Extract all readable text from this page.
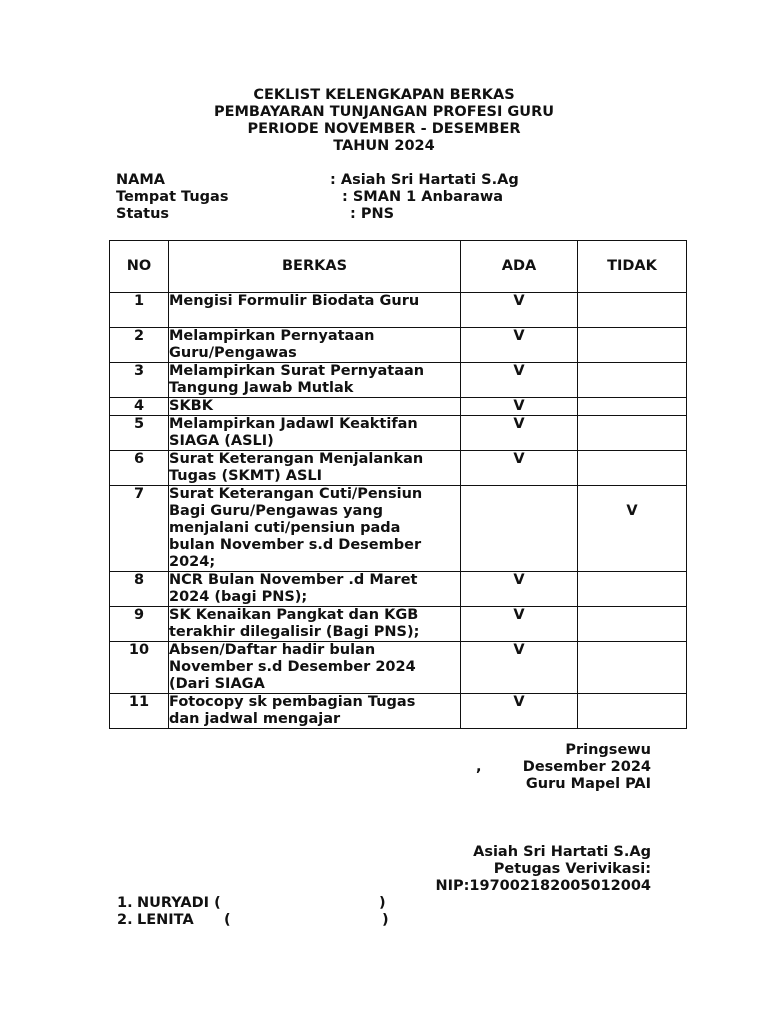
CEKLIST KELENGKAPAN BERKAS
PEMBAYARAN TUNJANGAN PROFESI GURU
PERIODE NOVEMBER - DESEMBER
TAHUN 2024
NAMA	: Asiah Sri Hartati S.Ag
Tempat Tugas	: SMAN 1 Anbarawa
Status	: PNS
NO	BERKAS	ADA	TIDAK
1	Mengisi Formulir Biodata Guru	V	
2	Melampirkan Pernyataan
Guru/Pengawas	V	
3	Melampirkan Surat Pernyataan
Tangung Jawab Mutlak	V	
4	SKBK	V	
5	Melampirkan Jadawl Keaktifan
SIAGA (ASLI)	V	
6	Surat Keterangan Menjalankan
Tugas (SKMT) ASLI	V	
7	Surat Keterangan Cuti/Pensiun
Bagi Guru/Pengawas yang
menjalani cuti/pensiun pada
bulan November s.d Desember
2024;		V

8	NCR Bulan November .d Maret
2024 (bagi PNS);	V	
9	SK Kenaikan Pangkat dan KGB
terakhir dilegalisir (Bagi PNS);	V	
10	Absen/Daftar hadir bulan
November s.d Desember 2024
(Dari SIAGA	V	
11	Fotocopy sk pembagian Tugas
dan jadwal mengajar	V	
Pringsewu
,	Desember 2024
Guru Mapel PAI
Asiah Sri Hartati S.Ag
Petugas Verivikasi:
NIP:197002182005012004
1. NURYADI (	)
2. LENITA (	)
